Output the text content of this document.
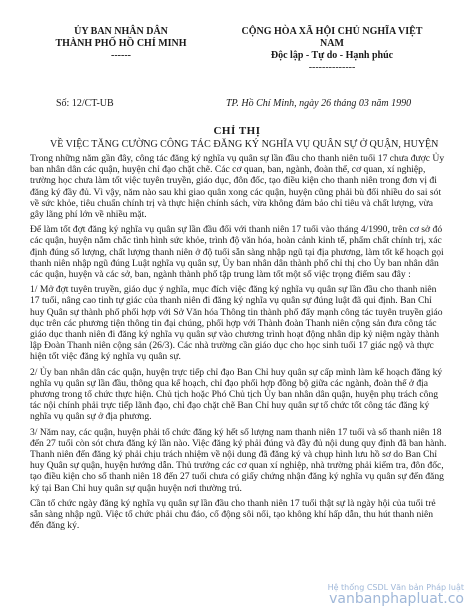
ỦY BAN NHÂN DÂN
THÀNH PHỐ HỒ CHÍ MINH
------
CỘNG HÒA XÃ HỘI CHỦ NGHĨA VIỆT
NAM
Độc lập - Tự do - Hạnh phúc
--------------
Số: 12/CT-UB	TP. Hồ Chí Minh, ngày 26 tháng 03 năm 1990
CHỈ THỊ
VỀ VIỆC TĂNG CƯỜNG CÔNG TÁC ĐĂNG KÝ NGHĨA VỤ QUÂN SỰ Ở QUẬN, HUYỆN

Trong những năm gần đây, công tác đăng ký nghĩa vụ quân sự lần đầu cho thanh niên tuổi 17 chưa được Ủy ban nhân dân các quận, huyện chỉ đạo chặt chẽ. Các cơ quan, ban, ngành, đoàn thể, cơ quan, xí nghiệp, trường học chưa làm tốt việc tuyên truyền, giáo dục, đôn đốc, tạo điều kiện cho thanh niên trong đơn vị đi đăng ký đầy đủ. Vì vậy, năm nào sau khi giao quân xong các quận, huyện cũng phải bù đối nhiều do sai sót về sức khỏe, tiêu chuẩn chính trị và thực hiện chính sách, vừa không đảm bảo chỉ tiêu và chất lượng, vừa gây lãng phí lớn về nhiều mặt.

Để làm tốt đợt đăng ký nghĩa vụ quân sự lần đầu đối với thanh niên 17 tuổi vào tháng 4/1990, trên cơ sở đó các quận, huyện nắm chắc tình hình sức khỏe, trình độ văn hóa, hoàn cảnh kinh tế, phẩm chất chính trị, xác định đúng số lượng, chất lượng thanh niên ở độ tuổi sẵn sàng nhập ngũ tại địa phương, làm tốt kế hoạch gọi thanh niên nhập ngũ đúng Luật nghĩa vụ quân sự, Ủy ban nhân dân thành phố chỉ thị cho Ủy ban nhân dân các quận, huyện và các sở, ban, ngành thành phố tập trung làm tốt một số việc trọng điểm sau đây :

1/ Mở đợt tuyên truyền, giáo dục ý nghĩa, mục đích việc đăng ký nghĩa vụ quân sự lần đầu cho thanh niên 17 tuổi, nâng cao tinh tự giác của thanh niên đi đăng ký nghĩa vụ quân sự đúng luật đã qui định. Ban Chỉ huy Quân sự thành phố phối hợp với Sở Văn hóa Thông tin thành phố đẩy mạnh công tác tuyên truyền giáo dục trên các phương tiện thông tin đại chúng, phối hợp với Thành đoàn Thanh niên cộng sản đưa công tác giáo dục thanh niên đi đăng ký nghĩa vụ quân sự vào chương trình hoạt động nhân dịp kỷ niệm ngày thành lập Đoàn Thanh niên cộng sản (26/3). Các nhà trường cần giáo dục cho học sinh tuổi 17 giác ngộ và thực hiện tốt việc đăng ký nghĩa vụ quân sự.

2/ Ủy ban nhân dân các quận, huyện trực tiếp chỉ đạo Ban Chỉ huy quân sự cấp mình làm kế hoạch đăng ký nghĩa vụ quân sự lần đầu, thông qua kế hoạch, chỉ đạo phối hợp đồng bộ giữa các ngành, đoàn thể ở địa phương trong tổ chức thực hiện. Chủ tịch hoặc Phó Chủ tịch Ủy ban nhân dân quận, huyện phụ trách công tác nội chính phải trực tiếp lãnh đạo, chỉ đạo chặt chẽ Ban Chỉ huy quân sự tổ chức tốt công tác đăng ký nghĩa vụ quân sự ở địa phương.

3/ Năm nay, các quận, huyện phải tổ chức đăng ký hết số lượng nam thanh niên 17 tuổi và số thanh niên 18 đến 27 tuổi còn sót chưa đăng ký lần nào. Việc đăng ký phải đúng và đầy đủ nội dung quy định đã ban hành. Thanh niên đến đăng ký phải chịu trách nhiệm về nội dung đã đăng ký và chụp hình lưu hồ sơ do Ban Chỉ huy Quân sự quận, huyện hướng dẫn. Thủ trưởng các cơ quan xí nghiệp, nhà trường phải kiểm tra, đôn đốc, tạo điều kiện cho số thanh niên 18 đến 27 tuổi chưa có giấy chứng nhận đăng ký nghĩa vụ quân sự đến đăng ký tại Ban Chỉ huy quân sự quận huyện nơi thường trú.

Cần tổ chức ngày đăng ký nghĩa vụ quân sự lần đầu cho thanh niên 17 tuổi thật sự là ngày hội của tuổi trẻ sẵn sàng nhập ngũ. Việc tổ chức phải chu đáo, cổ động sôi nổi, tạo không khí hấp dẫn, thu hút thanh niên đến đăng ký.

Hệ thống CSDL Văn bản Pháp luật
vanbanphapluat.co
